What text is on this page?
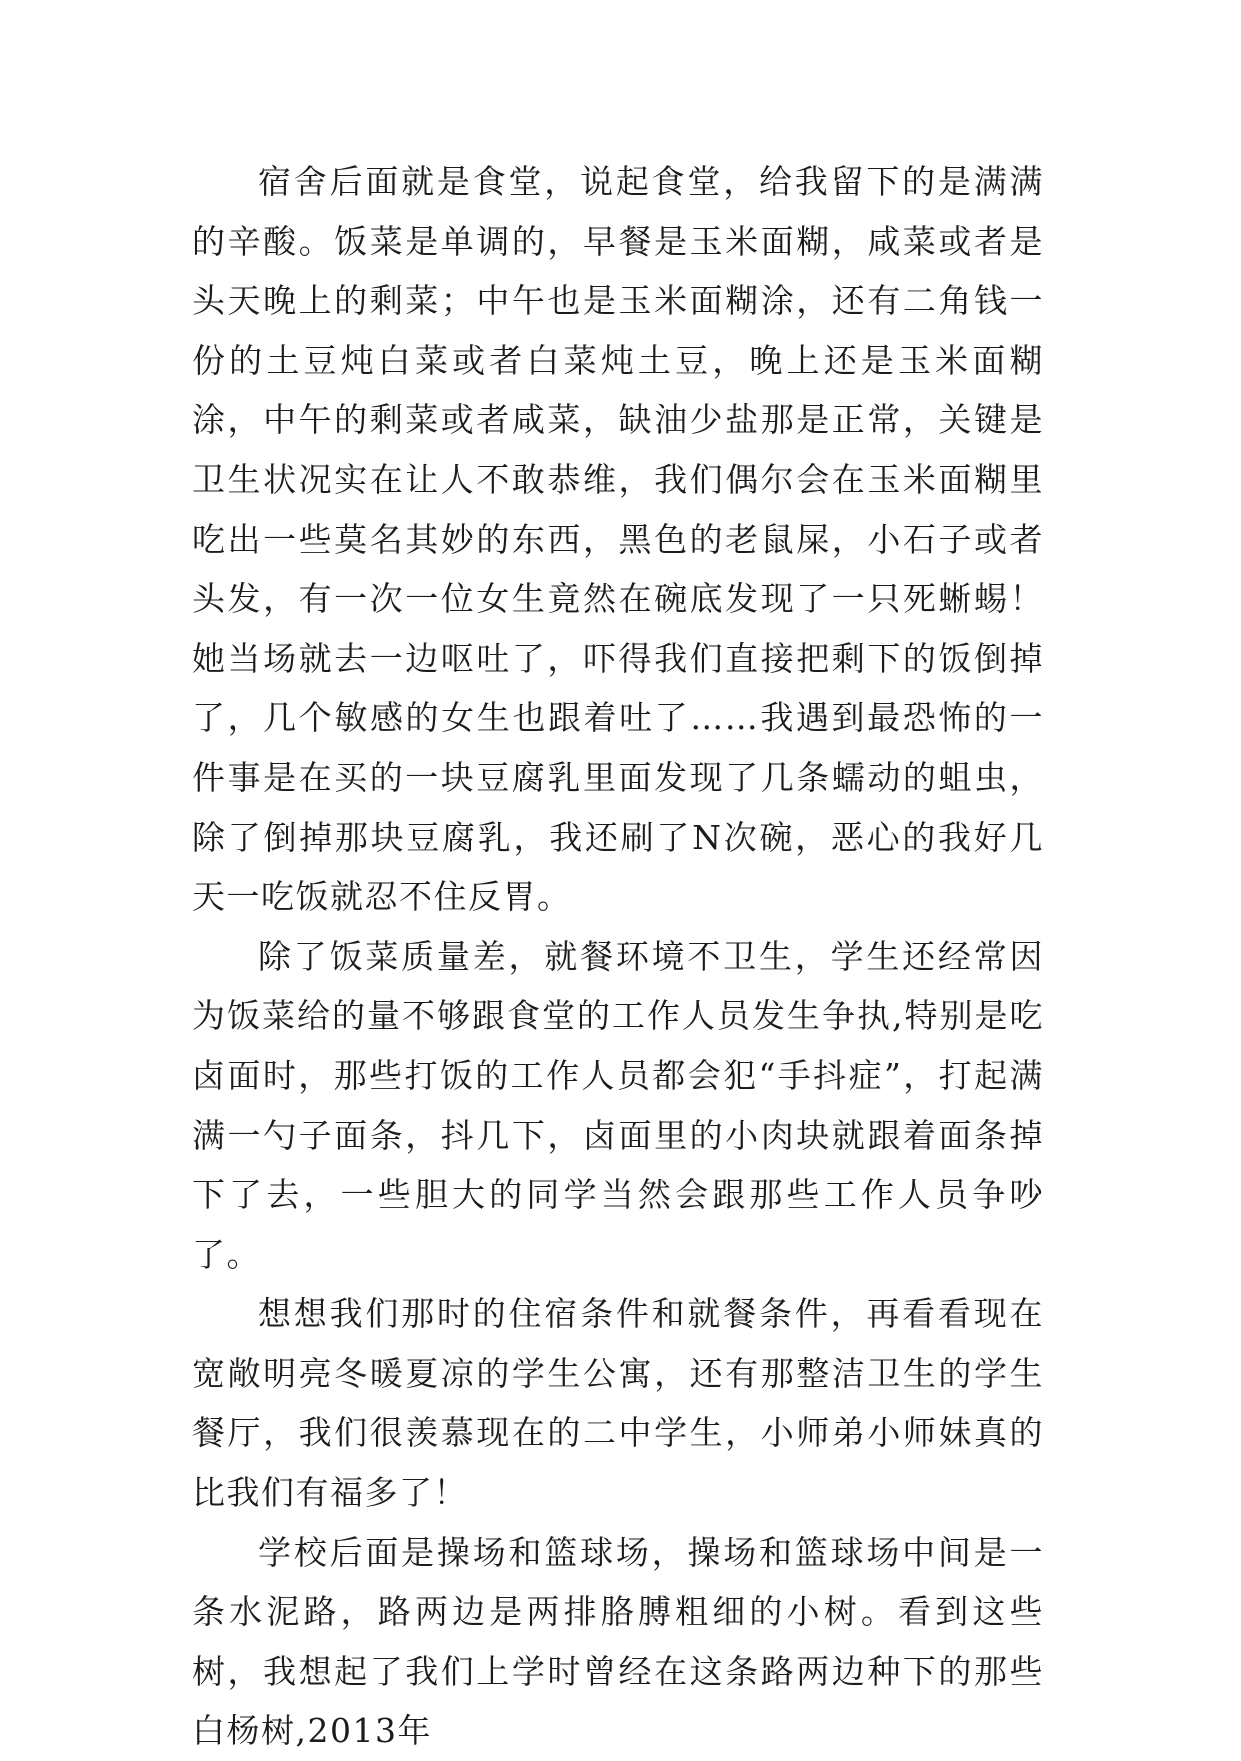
宿舍后面就是食堂，说起食堂，给我留下的是满满的辛酸。饭菜是单调的，早餐是玉米面糊，咸菜或者是头天晚上的剩菜；中午也是玉米面糊涂，还有二角钱一份的土豆炖白菜或者白菜炖土豆，晚上还是玉米面糊涂，中午的剩菜或者咸菜，缺油少盐那是正常，关键是卫生状况实在让人不敢恭维，我们偶尔会在玉米面糊里吃出一些莫名其妙的东西，黑色的老鼠屎，小石子或者头发，有一次一位女生竟然在碗底发现了一只死蜥蜴！她当场就去一边呕吐了，吓得我们直接把剩下的饭倒掉了，几个敏感的女生也跟着吐了……我遇到最恐怖的一件事是在买的一块豆腐乳里面发现了几条蠕动的蛆虫，除了倒掉那块豆腐乳，我还刷了N次碗，恶心的我好几天一吃饭就忍不住反胃。

除了饭菜质量差，就餐环境不卫生，学生还经常因为饭菜给的量不够跟食堂的工作人员发生争执,特别是吃卤面时，那些打饭的工作人员都会犯“手抖症”，打起满满一勺子面条，抖几下，卤面里的小肉块就跟着面条掉下了去，一些胆大的同学当然会跟那些工作人员争吵了。

想想我们那时的住宿条件和就餐条件，再看看现在宽敞明亮冬暖夏凉的学生公寓，还有那整洁卫生的学生餐厅，我们很羡慕现在的二中学生，小师弟小师妹真的比我们有福多了！

学校后面是操场和篮球场，操场和篮球场中间是一条水泥路，路两边是两排胳膊粗细的小树。看到这些树，我想起了我们上学时曾经在这条路两边种下的那些白杨树,2013年
